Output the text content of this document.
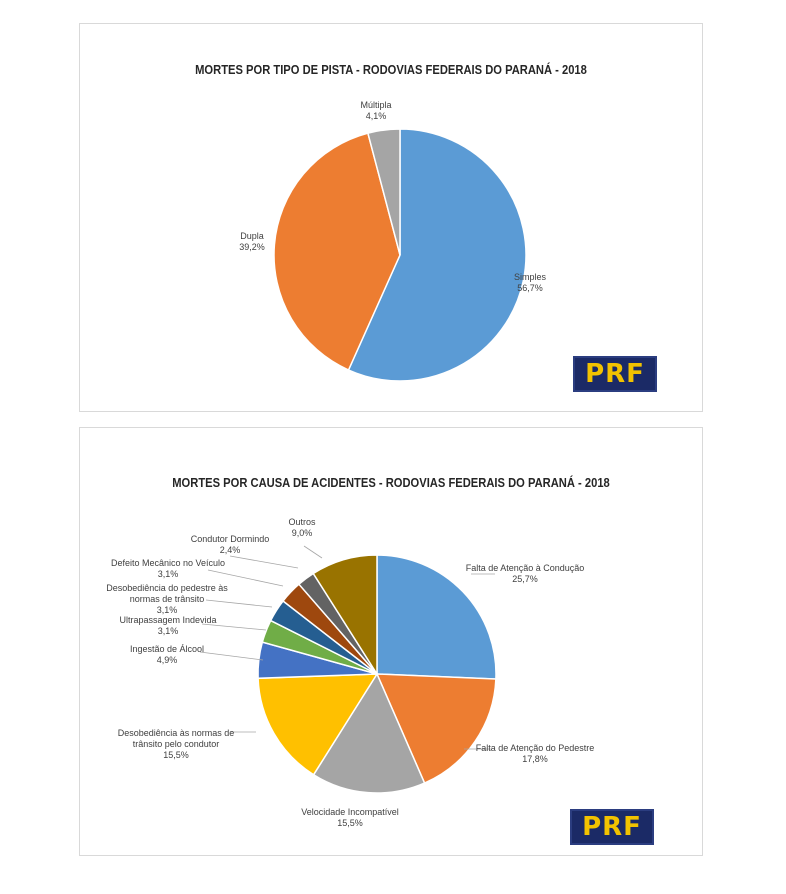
MORTES POR TIPO DE PISTA - RODOVIAS FEDERAIS DO PARANÁ - 2018
Simples 56,7%
Dupla 39,2%
Múltipla 4,1%
PRF
MORTES POR CAUSA DE ACIDENTES - RODOVIAS FEDERAIS DO PARANÁ - 2018
Falta de Atenção à Condução 25,7%
Falta de Atenção do Pedestre 17,8%
Velocidade Incompatível 15,5%
Desobediência às normas de trânsito pelo condutor 15,5%
Ingestão de Álcool 4,9%
Ultrapassagem Indevida 3,1%
Desobediência do pedestre às normas de trânsito 3,1%
Defeito Mecânico no Veículo 3,1%
Condutor Dormindo 2,4%
Outros 9,0%
PRF
